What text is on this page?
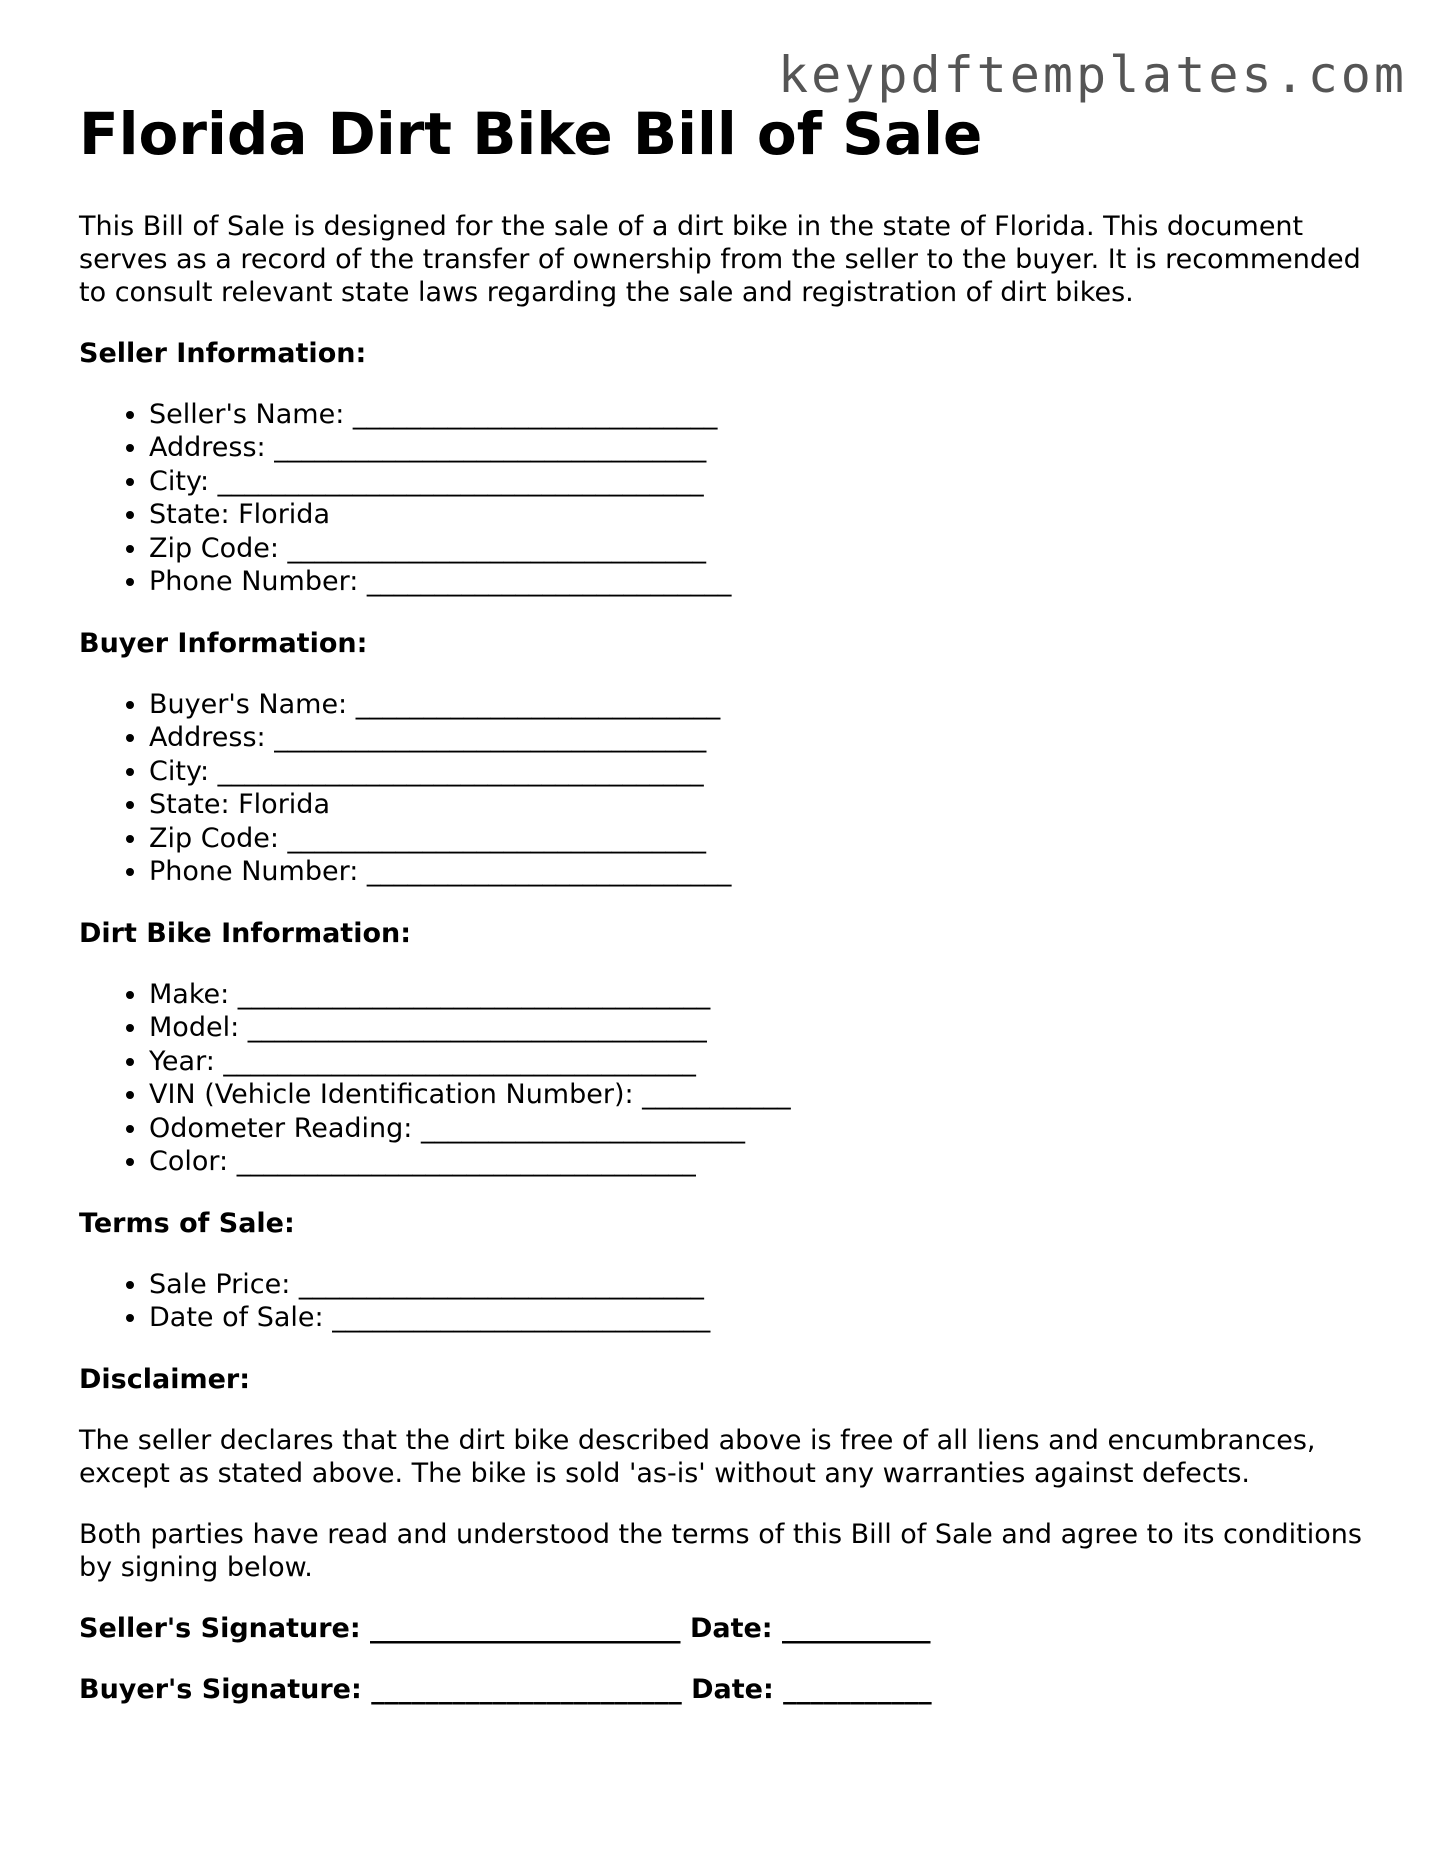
keypdftemplates.com
Florida Dirt Bike Bill of Sale

This Bill of Sale is designed for the sale of a dirt bike in the state of Florida. This document serves as a record of the transfer of ownership from the seller to the buyer. It is recommended to consult relevant state laws regarding the sale and registration of dirt bikes.

Seller Information:
• Seller's Name: ___________________________
• Address: ________________________________
• City: ____________________________________
• State: Florida
• Zip Code: _______________________________
• Phone Number: ___________________________
Buyer Information:
• Buyer's Name: ___________________________
• Address: ________________________________
• City: ____________________________________
• State: Florida
• Zip Code: _______________________________
• Phone Number: ___________________________
Dirt Bike Information:
• Make: ___________________________________
• Model: __________________________________
• Year: ___________________________________
• VIN (Vehicle Identification Number): ___________
• Odometer Reading: ________________________
• Color: __________________________________
Terms of Sale:
• Sale Price: ______________________________
• Date of Sale: ____________________________
Disclaimer:

The seller declares that the dirt bike described above is free of all liens and encumbrances, except as stated above. The bike is sold 'as-is' without any warranties against defects.

Both parties have read and understood the terms of this Bill of Sale and agree to its conditions by signing below.

Seller's Signature: _______________________ Date: ___________
Buyer's Signature: _______________________ Date: ___________
